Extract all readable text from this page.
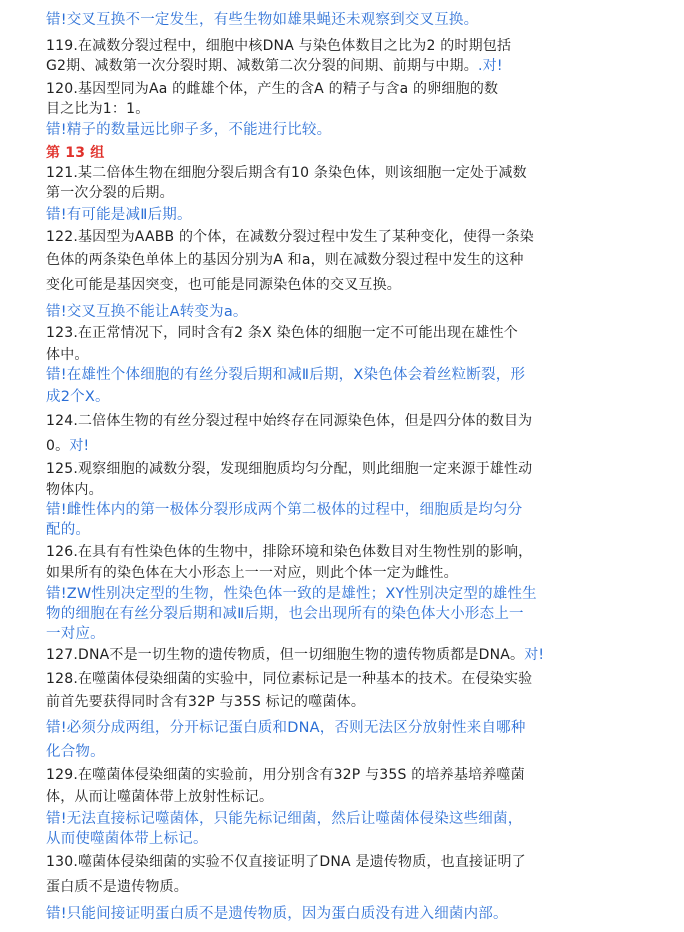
错!交叉互换不一定发生，有些生物如雄果蝇还未观察到交叉互换。
119.在减数分裂过程中，细胞中核DNA 与染色体数目之比为2 的时期包括
G2期、减数第一次分裂时期、减数第二次分裂的间期、前期与中期。.对!
120.基因型同为Aa 的雌雄个体，产生的含A 的精子与含a 的卵细胞的数
目之比为1：1。
错!精子的数量远比卵子多，不能进行比较。
第 13 组
121.某二倍体生物在细胞分裂后期含有10 条染色体，则该细胞一定处于减数
第一次分裂的后期。
错!有可能是减Ⅱ后期。
122.基因型为AABB 的个体，在减数分裂过程中发生了某种变化，使得一条染
色体的两条染色单体上的基因分别为A 和a，则在减数分裂过程中发生的这种
变化可能是基因突变，也可能是同源染色体的交叉互换。
错!交叉互换不能让A转变为a。
123.在正常情况下，同时含有2 条X 染色体的细胞一定不可能出现在雄性个
体中。
错!在雄性个体细胞的有丝分裂后期和减Ⅱ后期，X染色体会着丝粒断裂，形
成2个X。
124.二倍体生物的有丝分裂过程中始终存在同源染色体，但是四分体的数目为
0。对!
125.观察细胞的减数分裂，发现细胞质均匀分配，则此细胞一定来源于雄性动
物体内。
错!雌性体内的第一极体分裂形成两个第二极体的过程中，细胞质是均匀分
配的。
126.在具有有性染色体的生物中，排除环境和染色体数目对生物性别的影响，
如果所有的染色体在大小形态上一一对应，则此个体一定为雌性。
错!ZW性别决定型的生物，性染色体一致的是雄性；XY性别决定型的雄性生
物的细胞在有丝分裂后期和减Ⅱ后期，也会出现所有的染色体大小形态上一
一对应。
127.DNA不是一切生物的遗传物质，但一切细胞生物的遗传物质都是DNA。对!
128.在噬菌体侵染细菌的实验中，同位素标记是一种基本的技术。在侵染实验
前首先要获得同时含有32P 与35S 标记的噬菌体。
错!必须分成两组，分开标记蛋白质和DNA，否则无法区分放射性来自哪种
化合物。
129.在噬菌体侵染细菌的实验前，用分别含有32P 与35S 的培养基培养噬菌
体，从而让噬菌体带上放射性标记。
错!无法直接标记噬菌体，只能先标记细菌，然后让噬菌体侵染这些细菌，
从而使噬菌体带上标记。
130.噬菌体侵染细菌的实验不仅直接证明了DNA 是遗传物质，也直接证明了
蛋白质不是遗传物质。
错!只能间接证明蛋白质不是遗传物质，因为蛋白质没有进入细菌内部。
